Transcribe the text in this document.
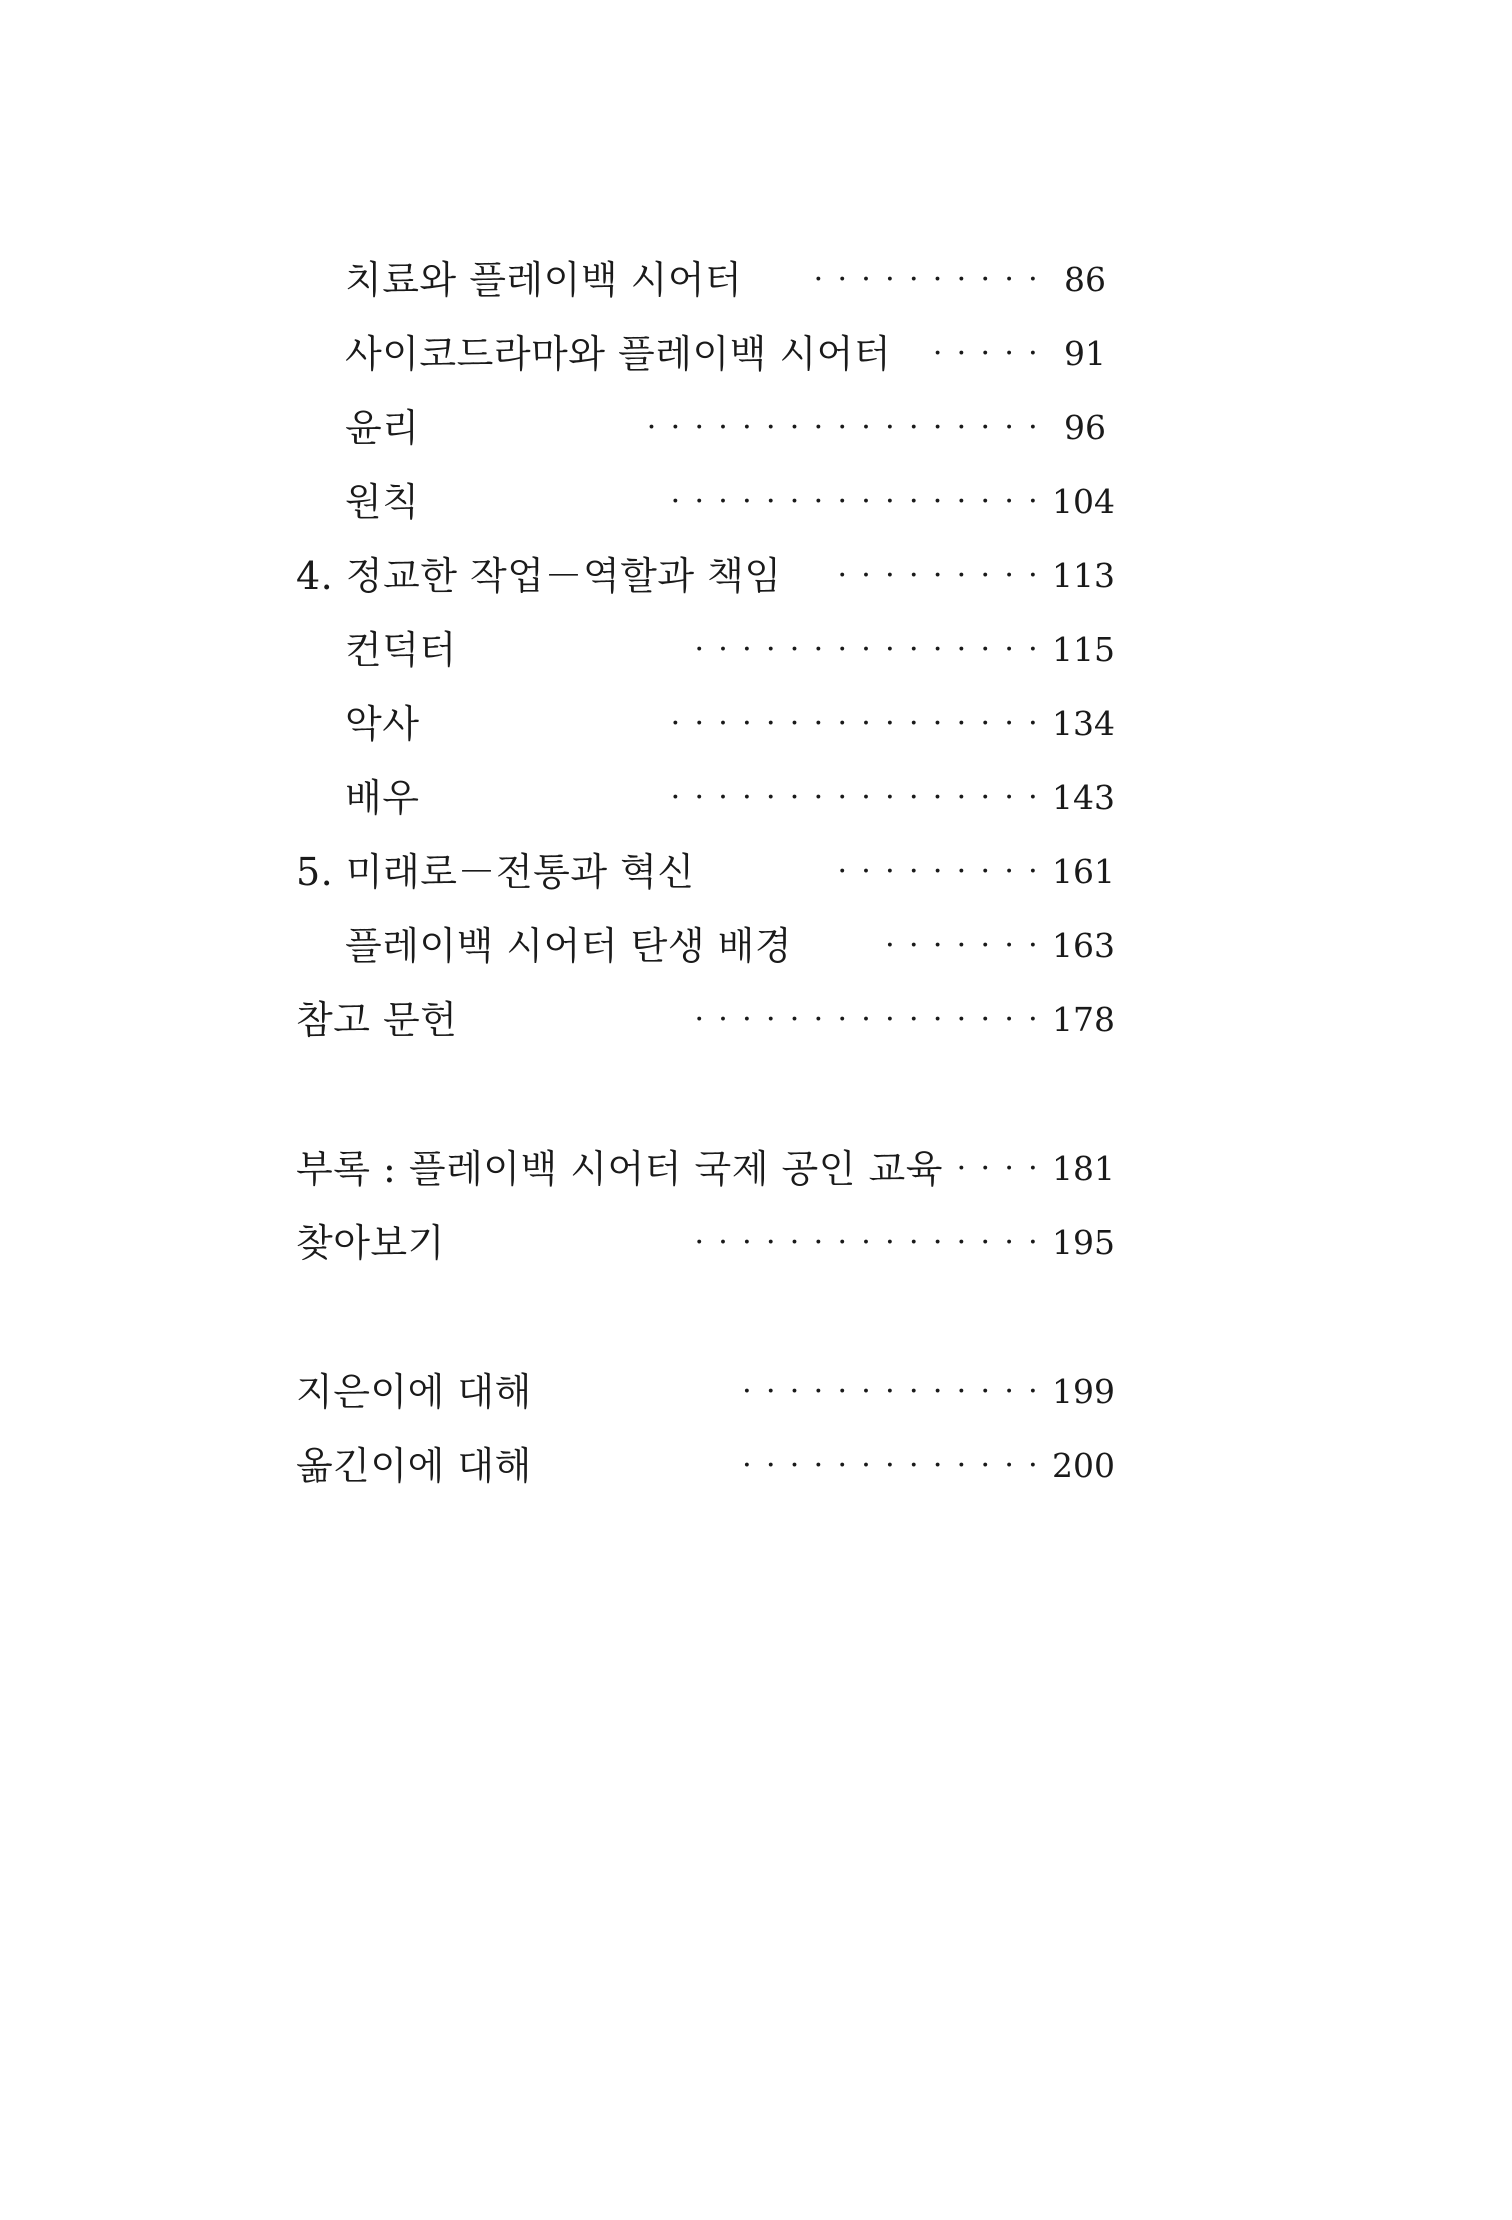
치료와 플레이백 시어터 ·········· 86
사이코드라마와 플레이백 시어터 ····· 91
윤리	················· 96
원칙	················ 104
4. 정교한 작업－역할과 책임 ········· 113
컨덕터	··············· 115
악사	················ 134
배우	················ 143
5. 미래로－전통과 혁신	········· 161
플레이백 시어터 탄생 배경	······· 163
참고 문헌	··············· 178
부록 : 플레이백 시어터 국제 공인 교육 ···· 181
찾아보기	··············· 195
지은이에 대해	············· 199
옮긴이에 대해	············· 200
